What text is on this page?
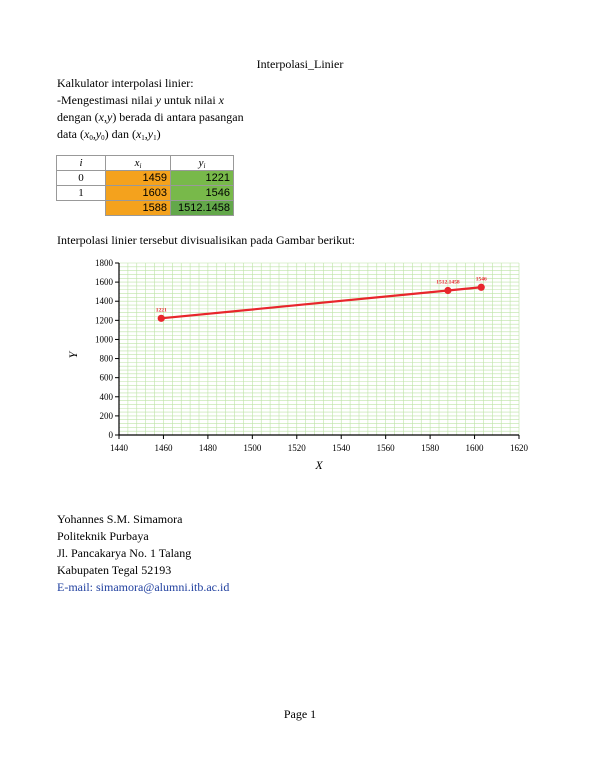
Interpolasi_Linier
Kalkulator interpolasi linier:
-Mengestimasi nilai y untuk nilai x
dengan (x,y) berada di antara pasangan
data $(x_0,y_0)$ dan $(x_1,y_1)$
i	$x_i$	$y_i$
0	1459	1221
1	1603	1546
	1588	1512.1458
Interpolasi linier tersebut divisualisikan pada Gambar berikut:
1440	1460	1480	1500	1520	1540	1560	1580	1600	1620
0
200
400
600
800
1000
1200
1400
1600
1800
1221
1512.1458
1546
X
Y
Yohannes S.M. Simamora
Politeknik Purbaya
Jl. Pancakarya No. 1 Talang
Kabupaten Tegal 52193
E-mail: simamora@alumni.itb.ac.id
Page 1
